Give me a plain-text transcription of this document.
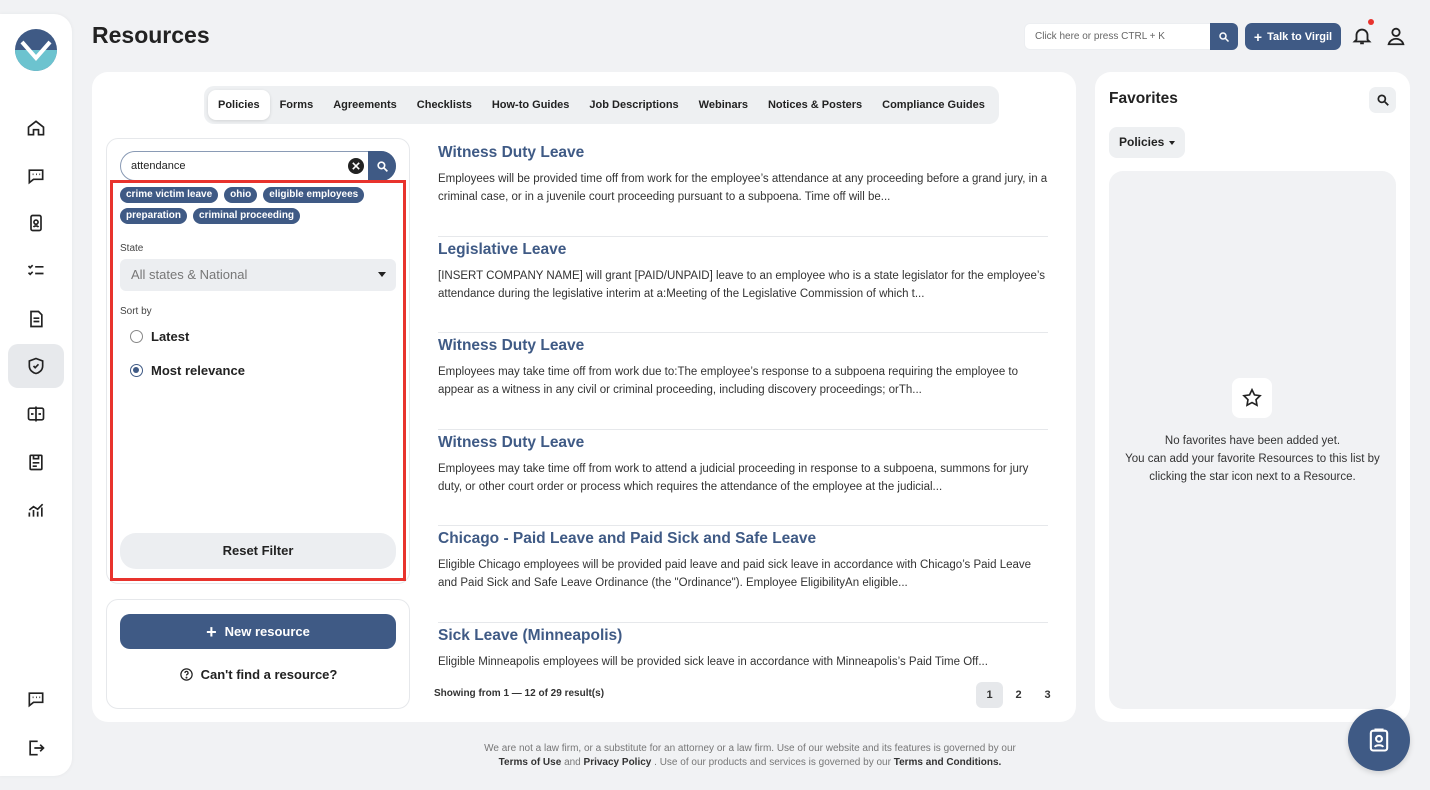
Resources
Click here or press CTRL + K	+ Talk to Virgil
Policies	Forms	Agreements	Checklists	How-to Guides	Job Descriptions	Webinars	Notices & Posters	Compliance Guides
attendance
crime victim leave	ohio	eligible employees
preparation	criminal proceeding
State
All states & National
Sort by
Latest
Most relevance
Reset Filter
+ New resource
Can't find a resource?
Witness Duty Leave
Employees will be provided time off from work for the employee’s attendance at any proceeding before a grand jury, in a criminal case, or in a juvenile court proceeding pursuant to a subpoena. Time off will be...
Legislative Leave
[INSERT COMPANY NAME] will grant [PAID/UNPAID] leave to an employee who is a state legislator for the employee’s attendance during the legislative interim at a:Meeting of the Legislative Commission of which t...
Witness Duty Leave
Employees may take time off from work due to:The employee’s response to a subpoena requiring the employee to appear as a witness in any civil or criminal proceeding, including discovery proceedings; orTh...
Witness Duty Leave
Employees may take time off from work to attend a judicial proceeding in response to a subpoena, summons for jury duty, or other court order or process which requires the attendance of the employee at the judicial...
Chicago - Paid Leave and Paid Sick and Safe Leave
Eligible Chicago employees will be provided paid leave and paid sick leave in accordance with Chicago’s Paid Leave and Paid Sick and Safe Leave Ordinance (the "Ordinance"). Employee EligibilityAn eligible...
Sick Leave (Minneapolis)
Eligible Minneapolis employees will be provided sick leave in accordance with Minneapolis’s Paid Time Off...
Showing from 1 — 12 of 29 result(s)	1	2	3
Favorites
Policies
No favorites have been added yet.
You can add your favorite Resources to this list by clicking the star icon next to a Resource.
We are not a law firm, or a substitute for an attorney or a law firm. Use of our website and its features is governed by our
Terms of Use and Privacy Policy . Use of our products and services is governed by our Terms and Conditions.
